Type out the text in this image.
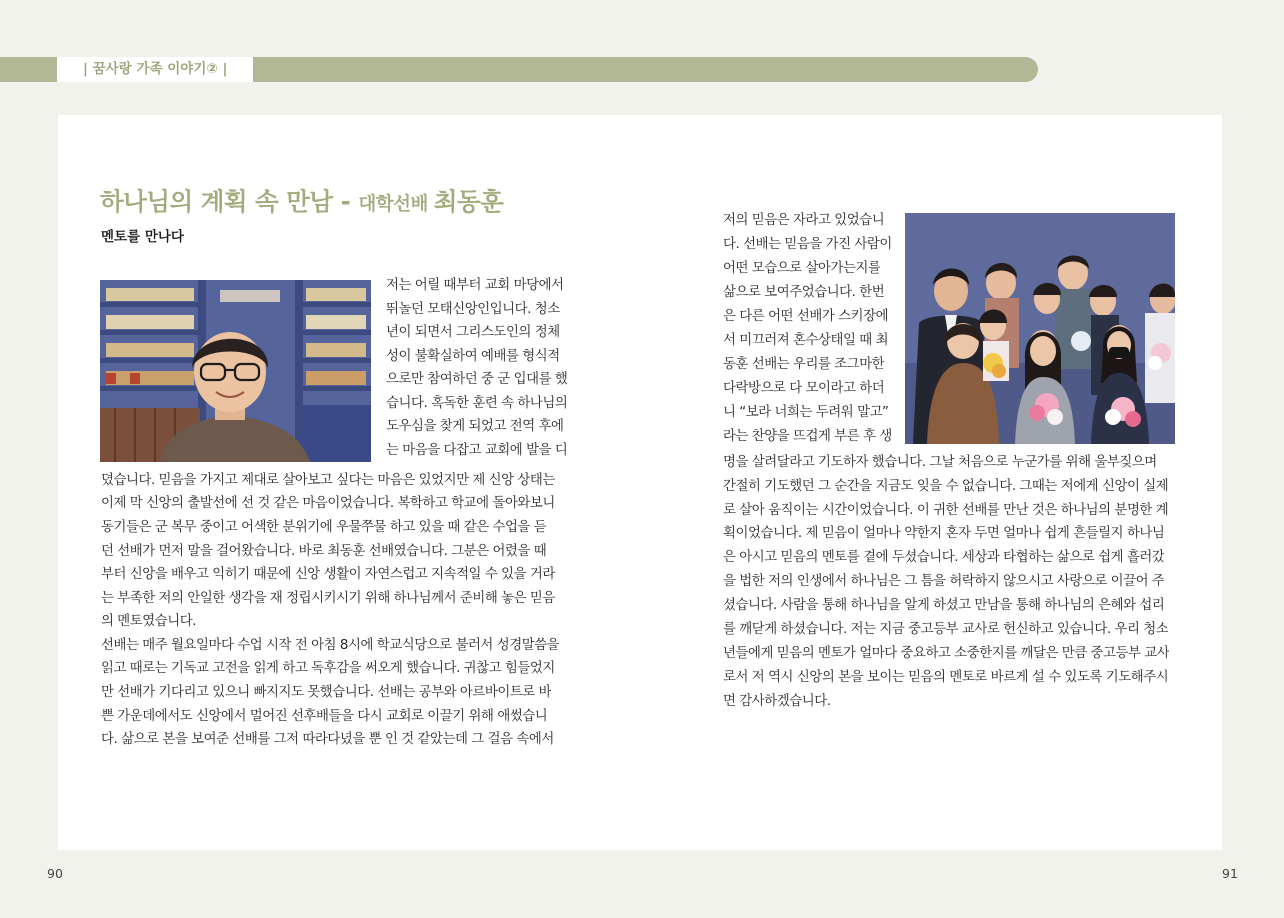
| 꿈사랑 가족 이야기② |
하나님의 계획 속 만남 - 대학선배 최동훈
멘토를 만나다
저는 어릴 때부터 교회 마당에서
뛰놀던 모태신앙인입니다. 청소
년이 되면서 그리스도인의 정체
성이 불확실하여 예배를 형식적
으로만 참여하던 중 군 입대를 했
습니다. 혹독한 훈련 속 하나님의
도우심을 찾게 되었고 전역 후에
는 마음을 다잡고 교회에 발을 디
뎠습니다. 믿음을 가지고 제대로 살아보고 싶다는 마음은 있었지만 제 신앙 상태는
이제 막 신앙의 출발선에 선 것 같은 마음이었습니다. 복학하고 학교에 돌아와보니
동기들은 군 복무 중이고 어색한 분위기에 우물쭈물 하고 있을 때 같은 수업을 듣
던 선배가 먼저 말을 걸어왔습니다. 바로 최동훈 선배였습니다. 그분은 어렸을 때
부터 신앙을 배우고 익히기 때문에 신앙 생활이 자연스럽고 지속적일 수 있을 거라
는 부족한 저의 안일한 생각을 재 정립시키시기 위해 하나님께서 준비해 놓은 믿음
의 멘토였습니다.
선배는 매주 월요일마다 수업 시작 전 아침 8시에 학교식당으로 불러서 성경말씀을
읽고 때로는 기독교 고전을 읽게 하고 독후감을 써오게 했습니다. 귀찮고 힘들었지
만 선배가 기다리고 있으니 빠지지도 못했습니다. 선배는 공부와 아르바이트로 바
쁜 가운데에서도 신앙에서 멀어진 선후배들을 다시 교회로 이끌기 위해 애썼습니
다. 삶으로 본을 보여준 선배를 그저 따라다녔을 뿐 인 것 같았는데 그 걸음 속에서
저의 믿음은 자라고 있었습니
다. 선배는 믿음을 가진 사람이
어떤 모습으로 살아가는지를
삶으로 보여주었습니다. 한번
은 다른 어떤 선배가 스키장에
서 미끄러져 혼수상태일 때 최
동훈 선배는 우리를 조그마한
다락방으로 다 모이라고 하더
니 “보라 너희는 두려워 말고”
라는 찬양을 뜨겁게 부른 후 생
명을 살려달라고 기도하자 했습니다. 그날 처음으로 누군가를 위해 울부짖으며
간절히 기도했던 그 순간을 지금도 잊을 수 없습니다. 그때는 저에게 신앙이 실제
로 살아 움직이는 시간이었습니다. 이 귀한 선배를 만난 것은 하나님의 분명한 계
획이었습니다. 제 믿음이 얼마나 약한지 혼자 두면 얼마나 쉽게 흔들릴지 하나님
은 아시고 믿음의 멘토를 곁에 두셨습니다. 세상과 타협하는 삶으로 쉽게 흘러갔
을 법한 저의 인생에서 하나님은 그 틈을 허락하지 않으시고 사랑으로 이끌어 주
셨습니다. 사람을 통해 하나님을 알게 하셨고 만남을 통해 하나님의 은혜와 섭리
를 깨닫게 하셨습니다. 저는 지금 중고등부 교사로 헌신하고 있습니다. 우리 청소
년들에게 믿음의 멘토가 얼마다 중요하고 소중한지를 깨달은 만큼 중고등부 교사
로서 저 역시 신앙의 본을 보이는 믿음의 멘토로 바르게 설 수 있도록 기도해주시
면 감사하겠습니다.
90	91
